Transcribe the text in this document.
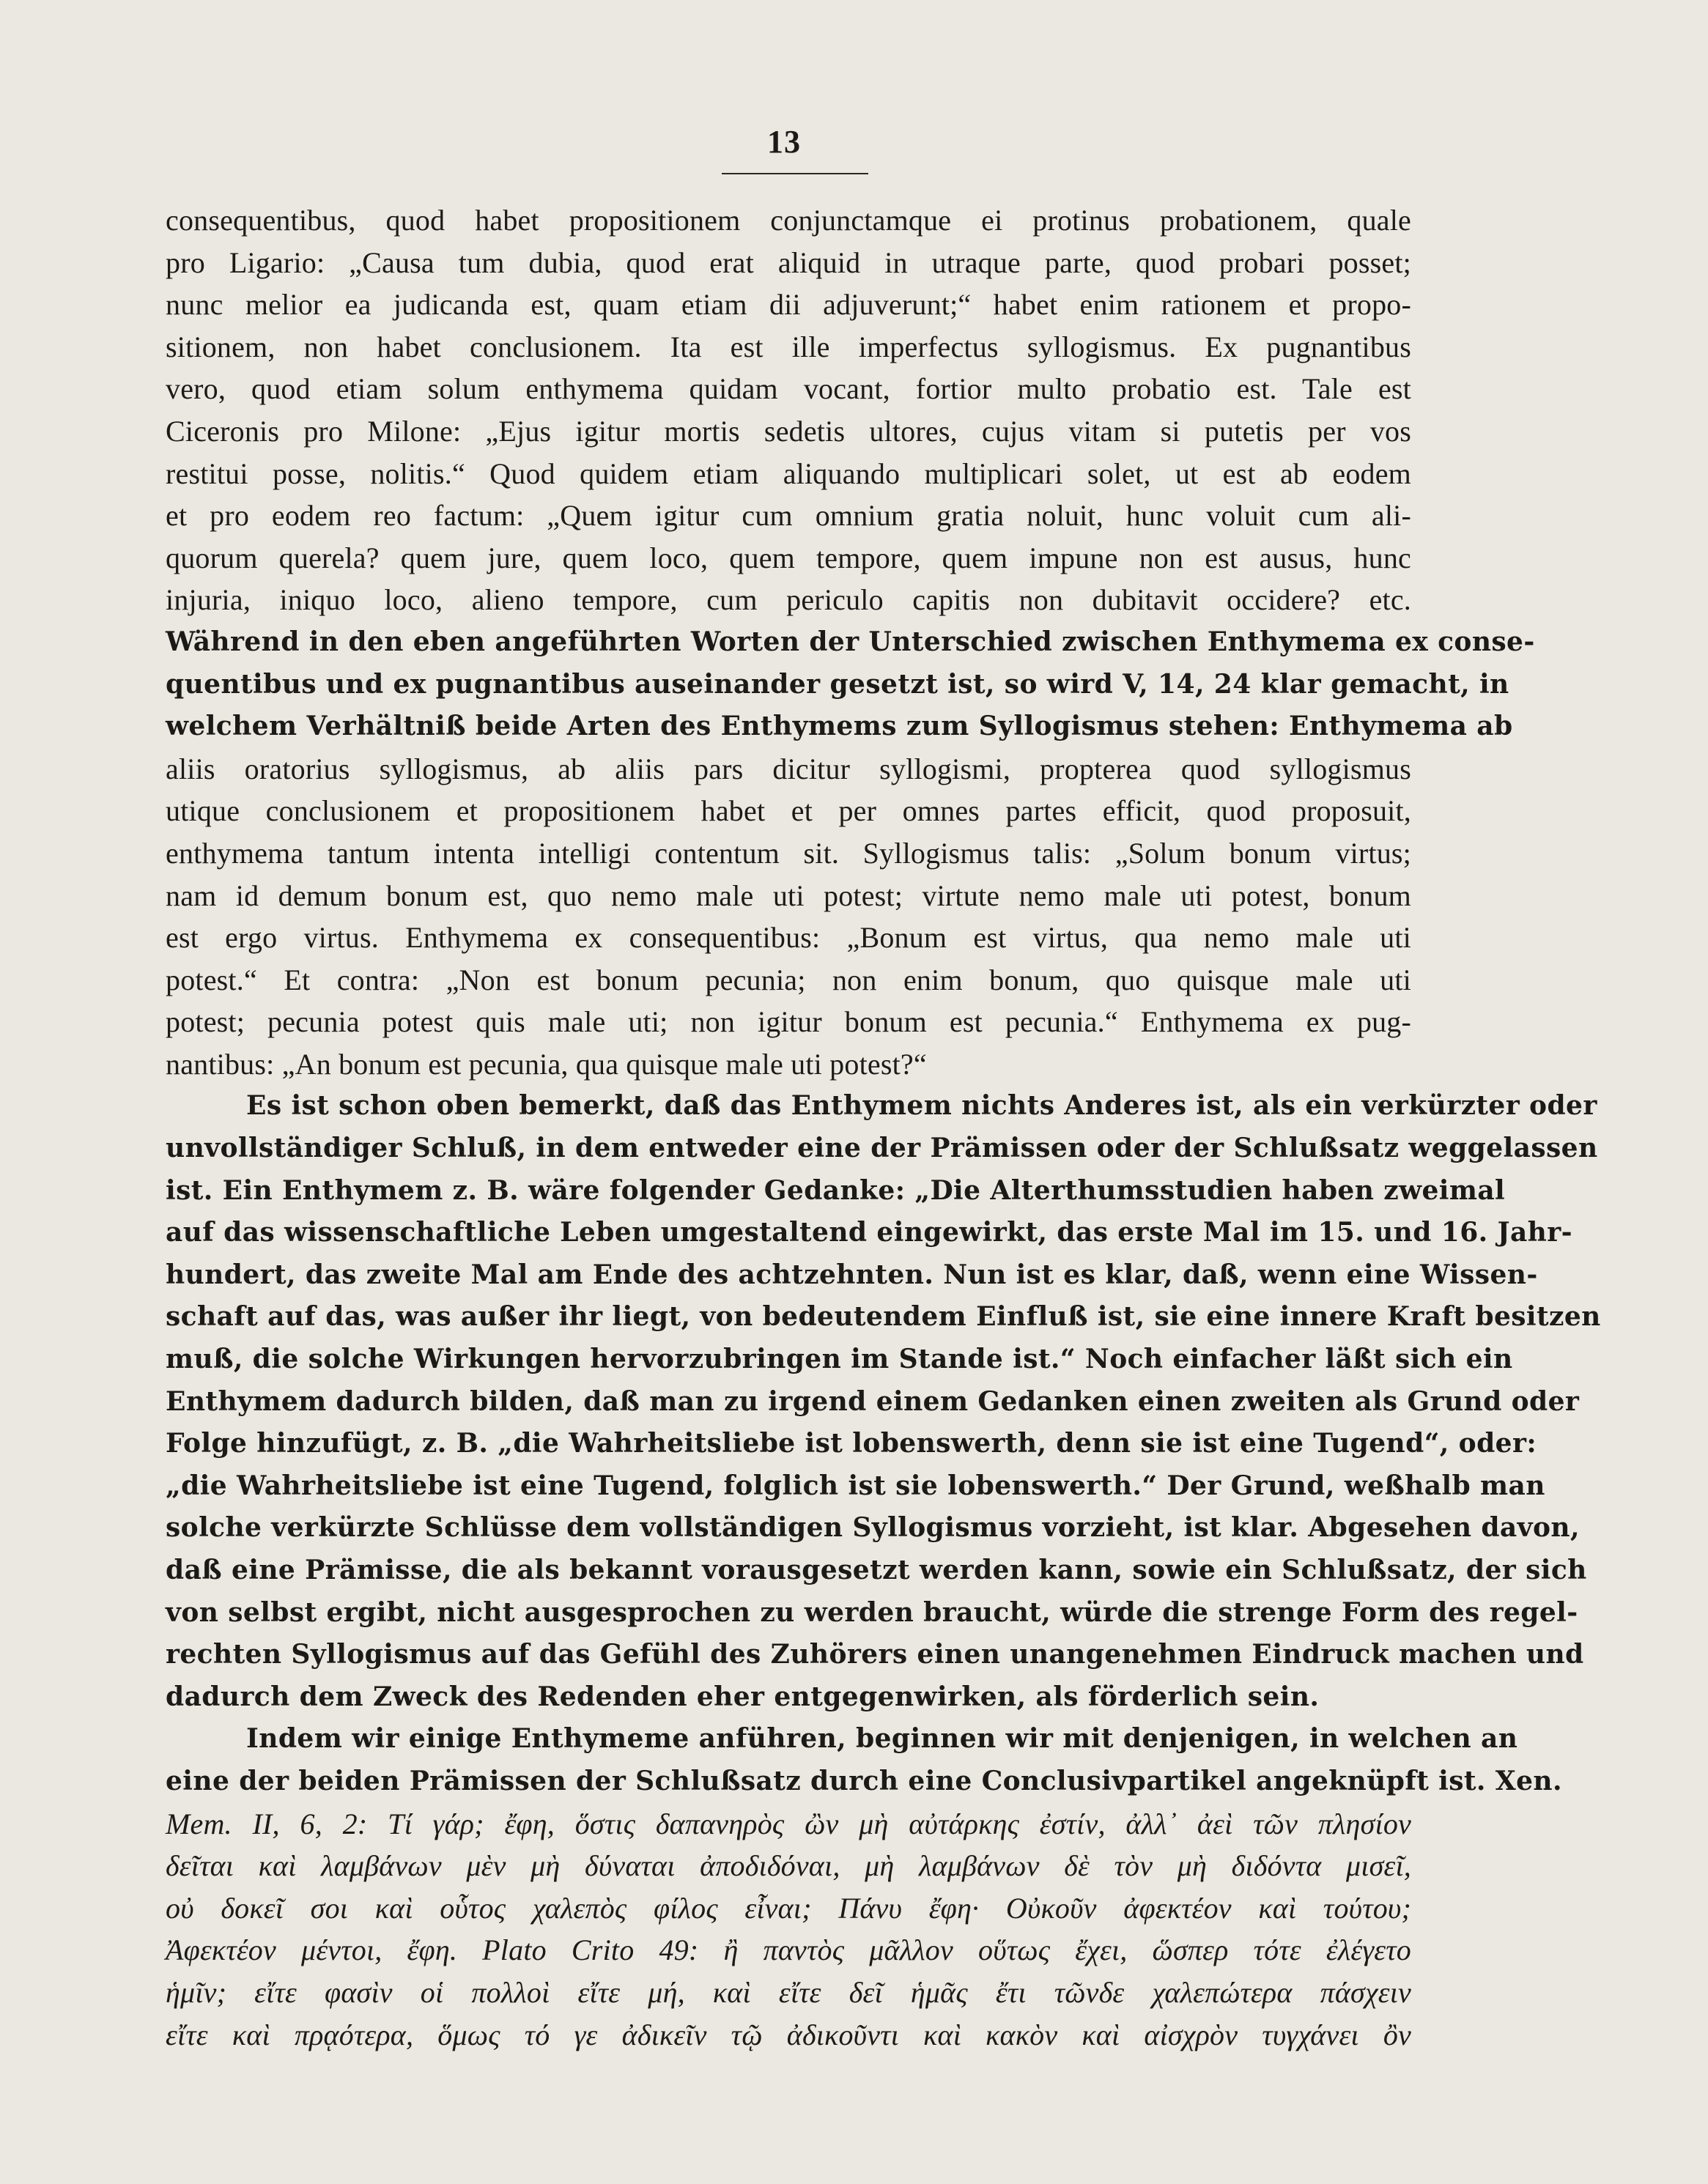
13
consequentibus, quod habet propositionem conjunctamque ei protinus probationem, quale
pro Ligario: „Causa tum dubia, quod erat aliquid in utraque parte, quod probari posset;
nunc melior ea judicanda est, quam etiam dii adjuverunt;“ habet enim rationem et propo-
sitionem, non habet conclusionem. Ita est ille imperfectus syllogismus. Ex pugnantibus
vero, quod etiam solum enthymema quidam vocant, fortior multo probatio est. Tale est
Ciceronis pro Milone: „Ejus igitur mortis sedetis ultores, cujus vitam si putetis per vos
restitui posse, nolitis.“ Quod quidem etiam aliquando multiplicari solet, ut est ab eodem
et pro eodem reo factum: „Quem igitur cum omnium gratia noluit, hunc voluit cum ali-
quorum querela? quem jure, quem loco, quem tempore, quem impune non est ausus, hunc
injuria, iniquo loco, alieno tempore, cum periculo capitis non dubitavit occidere? etc.
Während in den eben angeführten Worten der Unterschied zwischen Enthymema ex conse-
quentibus und ex pugnantibus auseinander gesetzt ist, so wird V, 14, 24 klar gemacht, in
welchem Verhältniß beide Arten des Enthymems zum Syllogismus stehen: Enthymema ab
aliis oratorius syllogismus, ab aliis pars dicitur syllogismi, propterea quod syllogismus
utique conclusionem et propositionem habet et per omnes partes efficit, quod proposuit,
enthymema tantum intenta intelligi contentum sit. Syllogismus talis: „Solum bonum virtus;
nam id demum bonum est, quo nemo male uti potest; virtute nemo male uti potest, bonum
est ergo virtus. Enthymema ex consequentibus: „Bonum est virtus, qua nemo male uti
potest.“ Et contra: „Non est bonum pecunia; non enim bonum, quo quisque male uti
potest; pecunia potest quis male uti; non igitur bonum est pecunia.“ Enthymema ex pug-
nantibus: „An bonum est pecunia, qua quisque male uti potest?“
Es ist schon oben bemerkt, daß das Enthymem nichts Anderes ist, als ein verkürzter oder
unvollständiger Schluß, in dem entweder eine der Prämissen oder der Schlußsatz weggelassen
ist. Ein Enthymem z. B. wäre folgender Gedanke: „Die Alterthumsstudien haben zweimal
auf das wissenschaftliche Leben umgestaltend eingewirkt, das erste Mal im 15. und 16. Jahr-
hundert, das zweite Mal am Ende des achtzehnten. Nun ist es klar, daß, wenn eine Wissen-
schaft auf das, was außer ihr liegt, von bedeutendem Einfluß ist, sie eine innere Kraft besitzen
muß, die solche Wirkungen hervorzubringen im Stande ist.“ Noch einfacher läßt sich ein
Enthymem dadurch bilden, daß man zu irgend einem Gedanken einen zweiten als Grund oder
Folge hinzufügt, z. B. „die Wahrheitsliebe ist lobenswerth, denn sie ist eine Tugend“, oder:
„die Wahrheitsliebe ist eine Tugend, folglich ist sie lobenswerth.“ Der Grund, weßhalb man
solche verkürzte Schlüsse dem vollständigen Syllogismus vorzieht, ist klar. Abgesehen davon,
daß eine Prämisse, die als bekannt vorausgesetzt werden kann, sowie ein Schlußsatz, der sich
von selbst ergibt, nicht ausgesprochen zu werden braucht, würde die strenge Form des regel-
rechten Syllogismus auf das Gefühl des Zuhörers einen unangenehmen Eindruck machen und
dadurch dem Zweck des Redenden eher entgegenwirken, als förderlich sein.
Indem wir einige Enthymeme anführen, beginnen wir mit denjenigen, in welchen an
eine der beiden Prämissen der Schlußsatz durch eine Conclusivpartikel angeknüpft ist. Xen.
Mem. II, 6, 2: Τί γάρ; ἔφη, ὅστις δαπανηρὸς ὢν μὴ αὐτάρκης ἐστίν, ἀλλ᾽ ἀεὶ τῶν πλησίον
δεῖται καὶ λαμβάνων μὲν μὴ δύναται ἀποδιδόναι, μὴ λαμβάνων δὲ τὸν μὴ διδόντα μισεῖ,
οὐ δοκεῖ σοι καὶ οὗτος χαλεπὸς φίλος εἶναι; Πάνυ ἔφη· Οὐκοῦν ἀφεκτέον καὶ τούτου;
Ἀφεκτέον μέντοι, ἔφη. Plato Crito 49: ἢ παντὸς μᾶλλον οὕτως ἔχει, ὥσπερ τότε ἐλέγετο
ἡμῖν; εἴτε φασὶν οἱ πολλοὶ εἴτε μή, καὶ εἴτε δεῖ ἡμᾶς ἔτι τῶνδε χαλεπώτερα πάσχειν
εἴτε καὶ πρᾳότερα, ὅμως τό γε ἀδικεῖν τῷ ἀδικοῦντι καὶ κακὸν καὶ αἰσχρὸν τυγχάνει ὂν
